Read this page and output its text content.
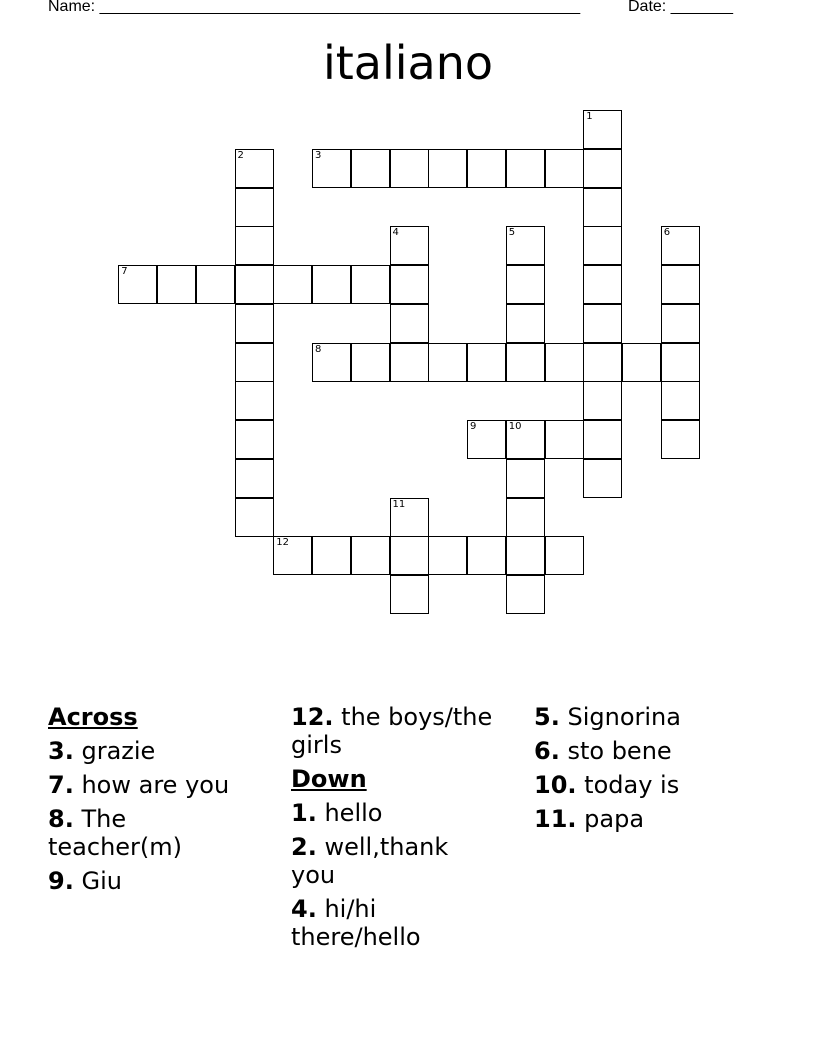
Name: ______________________________________________________	Date: _______
italiano
3
1
2
7
4	5	6
8
9	10
11
12
Across
3. grazie
7. how are you
8. The teacher(m)
9. Giu
12. the boys/the girls
Down
1. hello
2. well,thank you
4. hi/hi there/hello
5. Signorina
6. sto bene
10. today is
11. papa
